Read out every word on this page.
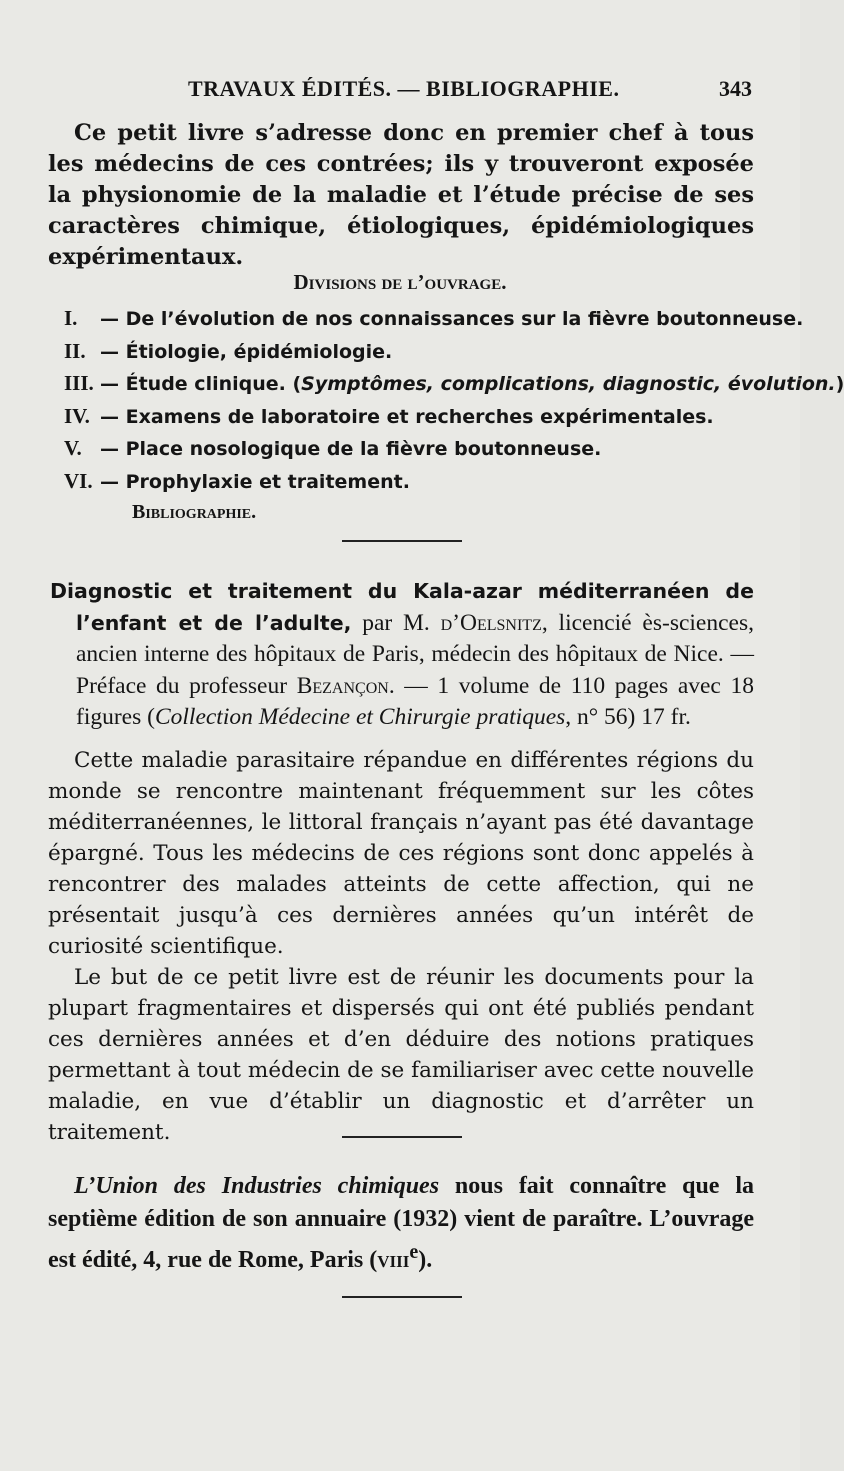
TRAVAUX ÉDITÉS. — BIBLIOGRAPHIE.	343

Ce petit livre s’adresse donc en premier chef à tous les médecins de ces contrées; ils y trouveront exposée la physionomie de la maladie et l’étude précise de ses caractères chimique, étiologiques, épidémiologiques expérimentaux.

Divisions de l’ouvrage.
I. — De l’évolution de nos connaissances sur la fièvre boutonneuse.
II. — Étiologie, épidémiologie.
III. — Étude clinique. (Symptômes, complications, diagnostic, évolution.)
IV. — Examens de laboratoire et recherches expérimentales.
V. — Place nosologique de la fièvre boutonneuse.
VI. — Prophylaxie et traitement.
Bibliographie.

Diagnostic et traitement du Kala-azar méditerranéen de l’enfant et de l’adulte, par M. d’Oelsnitz, licencié ès-sciences, ancien interne des hôpitaux de Paris, médecin des hôpitaux de Nice. — Préface du professeur Bezançon. — 1 volume de 110 pages avec 18 figures (Collection Médecine et Chirurgie pratiques, n° 56) 17 fr.

Cette maladie parasitaire répandue en différentes régions du monde se rencontre maintenant fréquemment sur les côtes méditerranéennes, le littoral français n’ayant pas été davantage épargné. Tous les médecins de ces régions sont donc appelés à rencontrer des malades atteints de cette affection, qui ne présentait jusqu’à ces dernières années qu’un intérêt de curiosité scientifique.

Le but de ce petit livre est de réunir les documents pour la plupart fragmentaires et dispersés qui ont été publiés pendant ces dernières années et d’en déduire des notions pratiques permettant à tout médecin de se familiariser avec cette nouvelle maladie, en vue d’établir un diagnostic et d’arrêter un traitement.

L’Union des Industries chimiques nous fait connaître que la septième édition de son annuaire (1932) vient de paraître. L’ouvrage est édité, 4, rue de Rome, Paris (viii$^e$).
